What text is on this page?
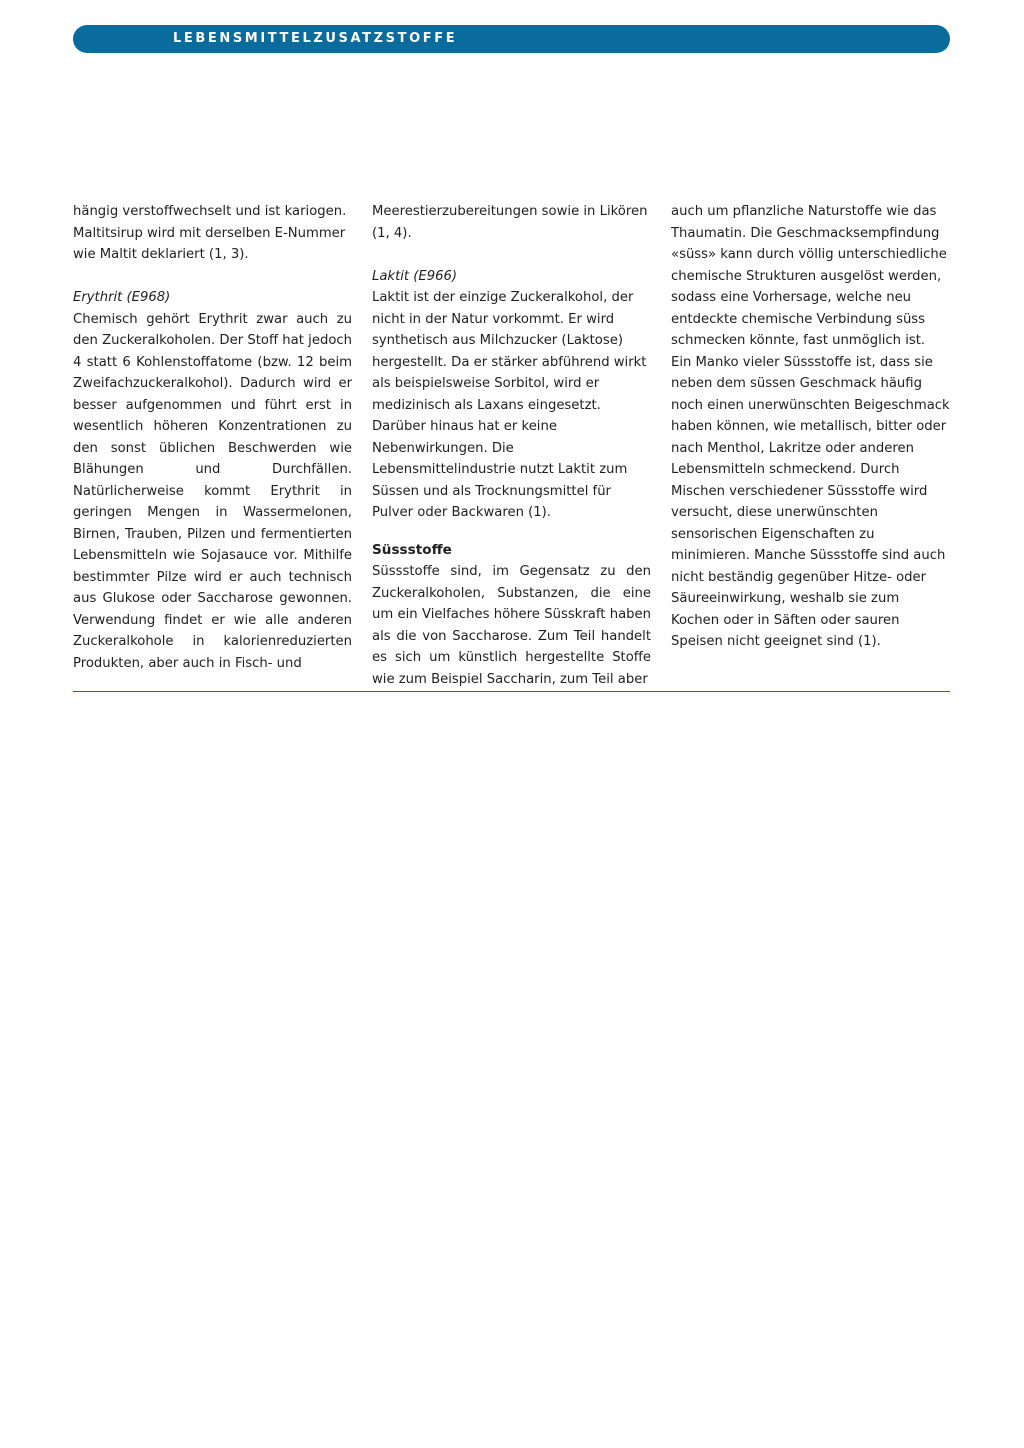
LEBENSMITTELZUSATZSTOFFE

hängig verstoffwechselt und ist kariogen. Maltitsirup wird mit derselben E-Nummer wie Maltit deklariert (1, 3).

Erythrit (E968)

Chemisch gehört Erythrit zwar auch zu den Zuckeralkoholen. Der Stoff hat jedoch 4 statt 6 Kohlenstoffatome (bzw. 12 beim Zweifachzuckeralkohol). Dadurch wird er besser aufgenommen und führt erst in wesentlich höheren Konzentrationen zu den sonst üblichen Beschwerden wie Blähungen und Durchfällen. Natürlicherweise kommt Erythrit in geringen Mengen in Wassermelonen, Birnen, Trauben, Pilzen und fermentierten Lebensmitteln wie Sojasauce vor. Mithilfe bestimmter Pilze wird er auch technisch aus Glukose oder Saccharose gewonnen. Verwendung findet er wie alle anderen Zuckeralkohole in kalorienreduzierten Produkten, aber auch in Fisch- und

Meerestierzubereitungen sowie in Likören (1, 4).

Laktit (E966)

Laktit ist der einzige Zuckeralkohol, der nicht in der Natur vorkommt. Er wird synthetisch aus Milchzucker (Laktose) hergestellt. Da er stärker abführend wirkt als beispielsweise Sorbitol, wird er medizinisch als Laxans eingesetzt. Darüber hinaus hat er keine Nebenwirkungen. Die Lebensmittelindustrie nutzt Laktit zum Süssen und als Trocknungsmittel für Pulver oder Backwaren (1).

Süssstoffe

Süssstoffe sind, im Gegensatz zu den Zuckeralkoholen, Substanzen, die eine um ein Vielfaches höhere Süsskraft haben als die von Saccharose. Zum Teil handelt es sich um künstlich hergestellte Stoffe wie zum Beispiel Saccharin, zum Teil aber

auch um pflanzliche Naturstoffe wie das Thaumatin. Die Geschmacksempfindung «süss» kann durch völlig unterschiedliche chemische Strukturen ausgelöst werden, sodass eine Vorhersage, welche neu entdeckte chemische Verbindung süss schmecken könnte, fast unmöglich ist.

Ein Manko vieler Süssstoffe ist, dass sie neben dem süssen Geschmack häufig noch einen unerwünschten Beigeschmack haben können, wie metallisch, bitter oder nach Menthol, Lakritze oder anderen Lebensmitteln schmeckend. Durch Mischen verschiedener Süssstoffe wird versucht, diese unerwünschten sensorischen Eigenschaften zu minimieren. Manche Süssstoffe sind auch nicht beständig gegenüber Hitze- oder Säureeinwirkung, weshalb sie zum Kochen oder in Säften oder sauren Speisen nicht geeignet sind (1).
